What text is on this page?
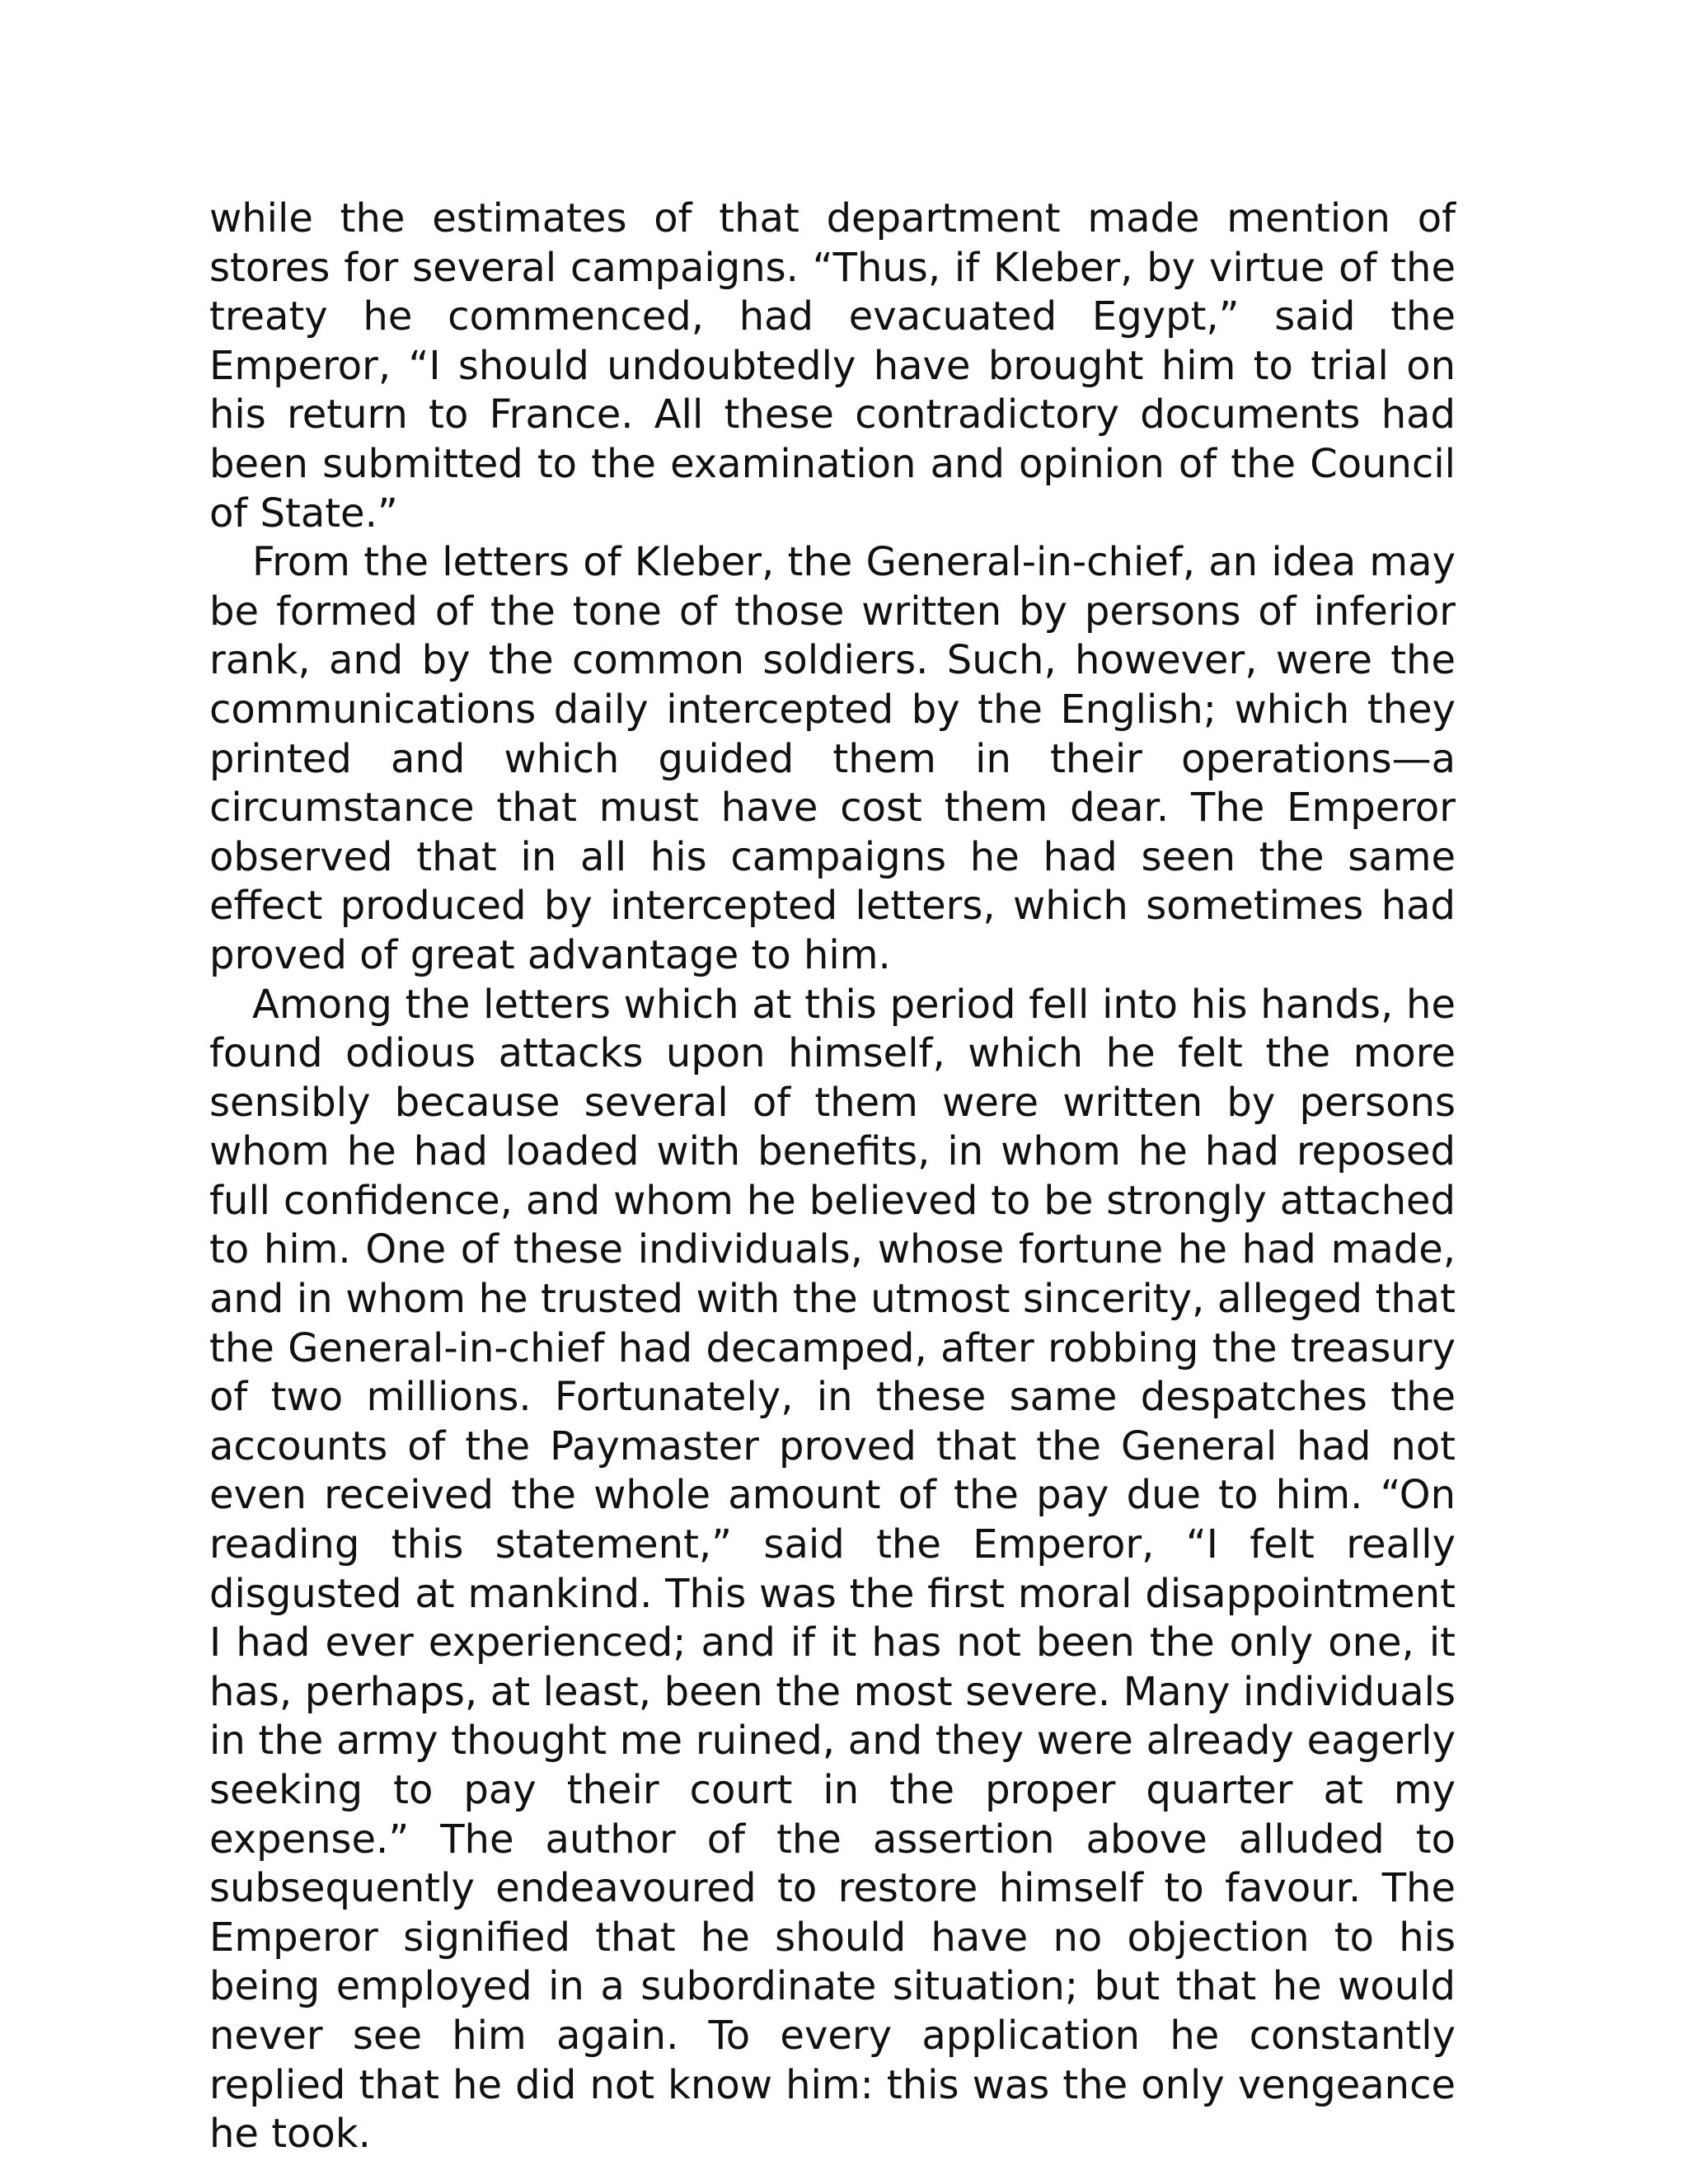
while the estimates of that department made mention of stores for several campaigns. “Thus, if Kleber, by virtue of the treaty he commenced, had evacuated Egypt,” said the Emperor, “I should undoubtedly have brought him to trial on his return to France. All these contradictory documents had been submitted to the examination and opinion of the Council of State.”

From the letters of Kleber, the General-in-chief, an idea may be formed of the tone of those written by persons of inferior rank, and by the common soldiers. Such, however, were the communications daily intercepted by the English; which they printed and which guided them in their operations—a circumstance that must have cost them dear. The Emperor observed that in all his campaigns he had seen the same effect produced by intercepted letters, which sometimes had proved of great advantage to him.

Among the letters which at this period fell into his hands, he found odious attacks upon himself, which he felt the more sensibly because several of them were written by persons whom he had loaded with benefits, in whom he had reposed full confidence, and whom he believed to be strongly attached to him. One of these individuals, whose fortune he had made, and in whom he trusted with the utmost sincerity, alleged that the General-in-chief had decamped, after robbing the treasury of two millions. Fortunately, in these same despatches the accounts of the Paymaster proved that the General had not even received the whole amount of the pay due to him. “On reading this statement,” said the Emperor, “I felt really disgusted at mankind. This was the first moral disappointment I had ever experienced; and if it has not been the only one, it has, perhaps, at least, been the most severe. Many individuals in the army thought me ruined, and they were already eagerly seeking to pay their court in the proper quarter at my expense.” The author of the assertion above alluded to subsequently endeavoured to restore himself to favour. The Emperor signified that he should have no objection to his being employed in a subordinate situation; but that he would never see him again. To every application he constantly replied that he did not know him: this was the only vengeance he took.
